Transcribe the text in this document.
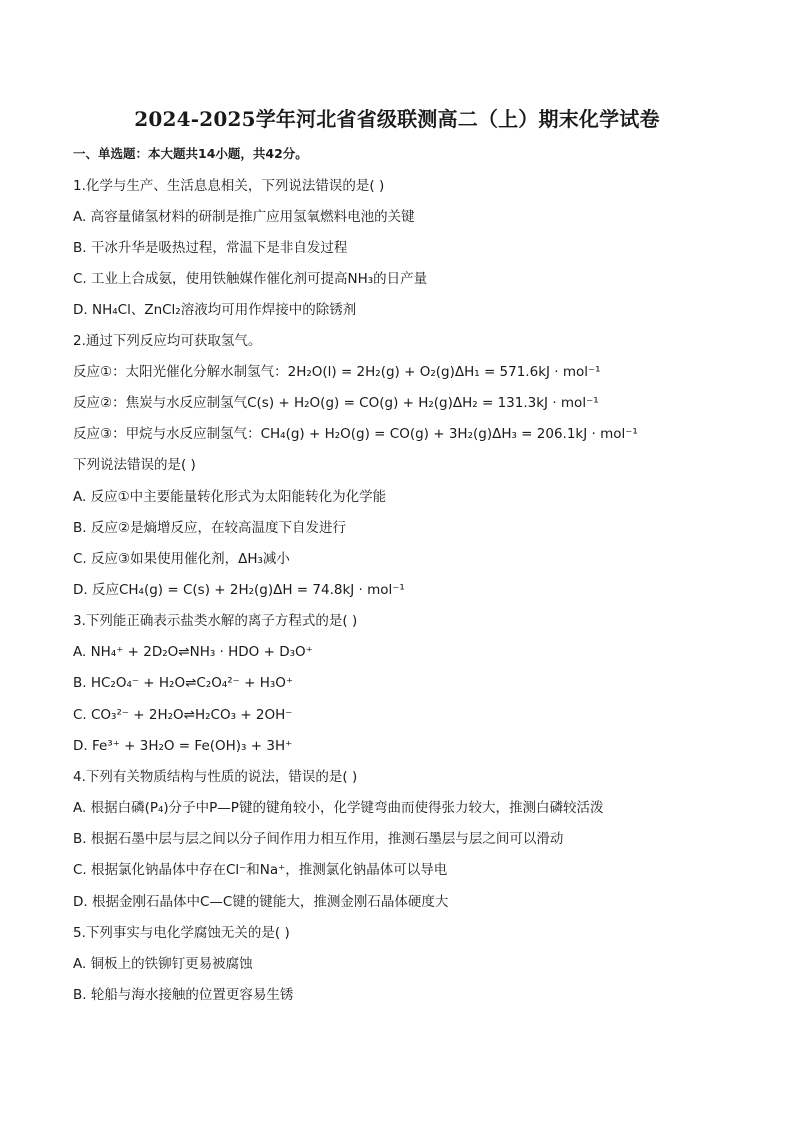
2024-2025学年河北省省级联测高二（上）期末化学试卷
一、单选题：本大题共14小题，共42分。
1.化学与生产、生活息息相关，下列说法错误的是( )
A. 高容量储氢材料的研制是推广应用氢氧燃料电池的关键
B. 干冰升华是吸热过程，常温下是非自发过程
C. 工业上合成氨，使用铁触媒作催化剂可提高NH₃的日产量
D. NH₄Cl、ZnCl₂溶液均可用作焊接中的除锈剂
2.通过下列反应均可获取氢气。
反应①：太阳光催化分解水制氢气：2H₂O(l) = 2H₂(g) + O₂(g)ΔH₁ = 571.6kJ · mol⁻¹
反应②：焦炭与水反应制氢气C(s) + H₂O(g) = CO(g) + H₂(g)ΔH₂ = 131.3kJ · mol⁻¹
反应③：甲烷与水反应制氢气：CH₄(g) + H₂O(g) = CO(g) + 3H₂(g)ΔH₃ = 206.1kJ · mol⁻¹
下列说法错误的是( )
A. 反应①中主要能量转化形式为太阳能转化为化学能
B. 反应②是熵增反应，在较高温度下自发进行
C. 反应③如果使用催化剂，ΔH₃减小
D. 反应CH₄(g) = C(s) + 2H₂(g)ΔH = 74.8kJ · mol⁻¹
3.下列能正确表示盐类水解的离子方程式的是( )
A. NH₄⁺ + 2D₂O⇌NH₃ · HDO + D₃O⁺
B. HC₂O₄⁻ + H₂O⇌C₂O₄²⁻ + H₃O⁺
C. CO₃²⁻ + 2H₂O⇌H₂CO₃ + 2OH⁻
D. Fe³⁺ + 3H₂O = Fe(OH)₃ + 3H⁺
4.下列有关物质结构与性质的说法，错误的是( )
A. 根据白磷(P₄)分子中P—P键的键角较小，化学键弯曲而使得张力较大，推测白磷较活泼
B. 根据石墨中层与层之间以分子间作用力相互作用，推测石墨层与层之间可以滑动
C. 根据氯化钠晶体中存在Cl⁻和Na⁺，推测氯化钠晶体可以导电
D. 根据金刚石晶体中C—C键的键能大，推测金刚石晶体硬度大
5.下列事实与电化学腐蚀无关的是( )
A. 铜板上的铁铆钉更易被腐蚀
B. 轮船与海水接触的位置更容易生锈
